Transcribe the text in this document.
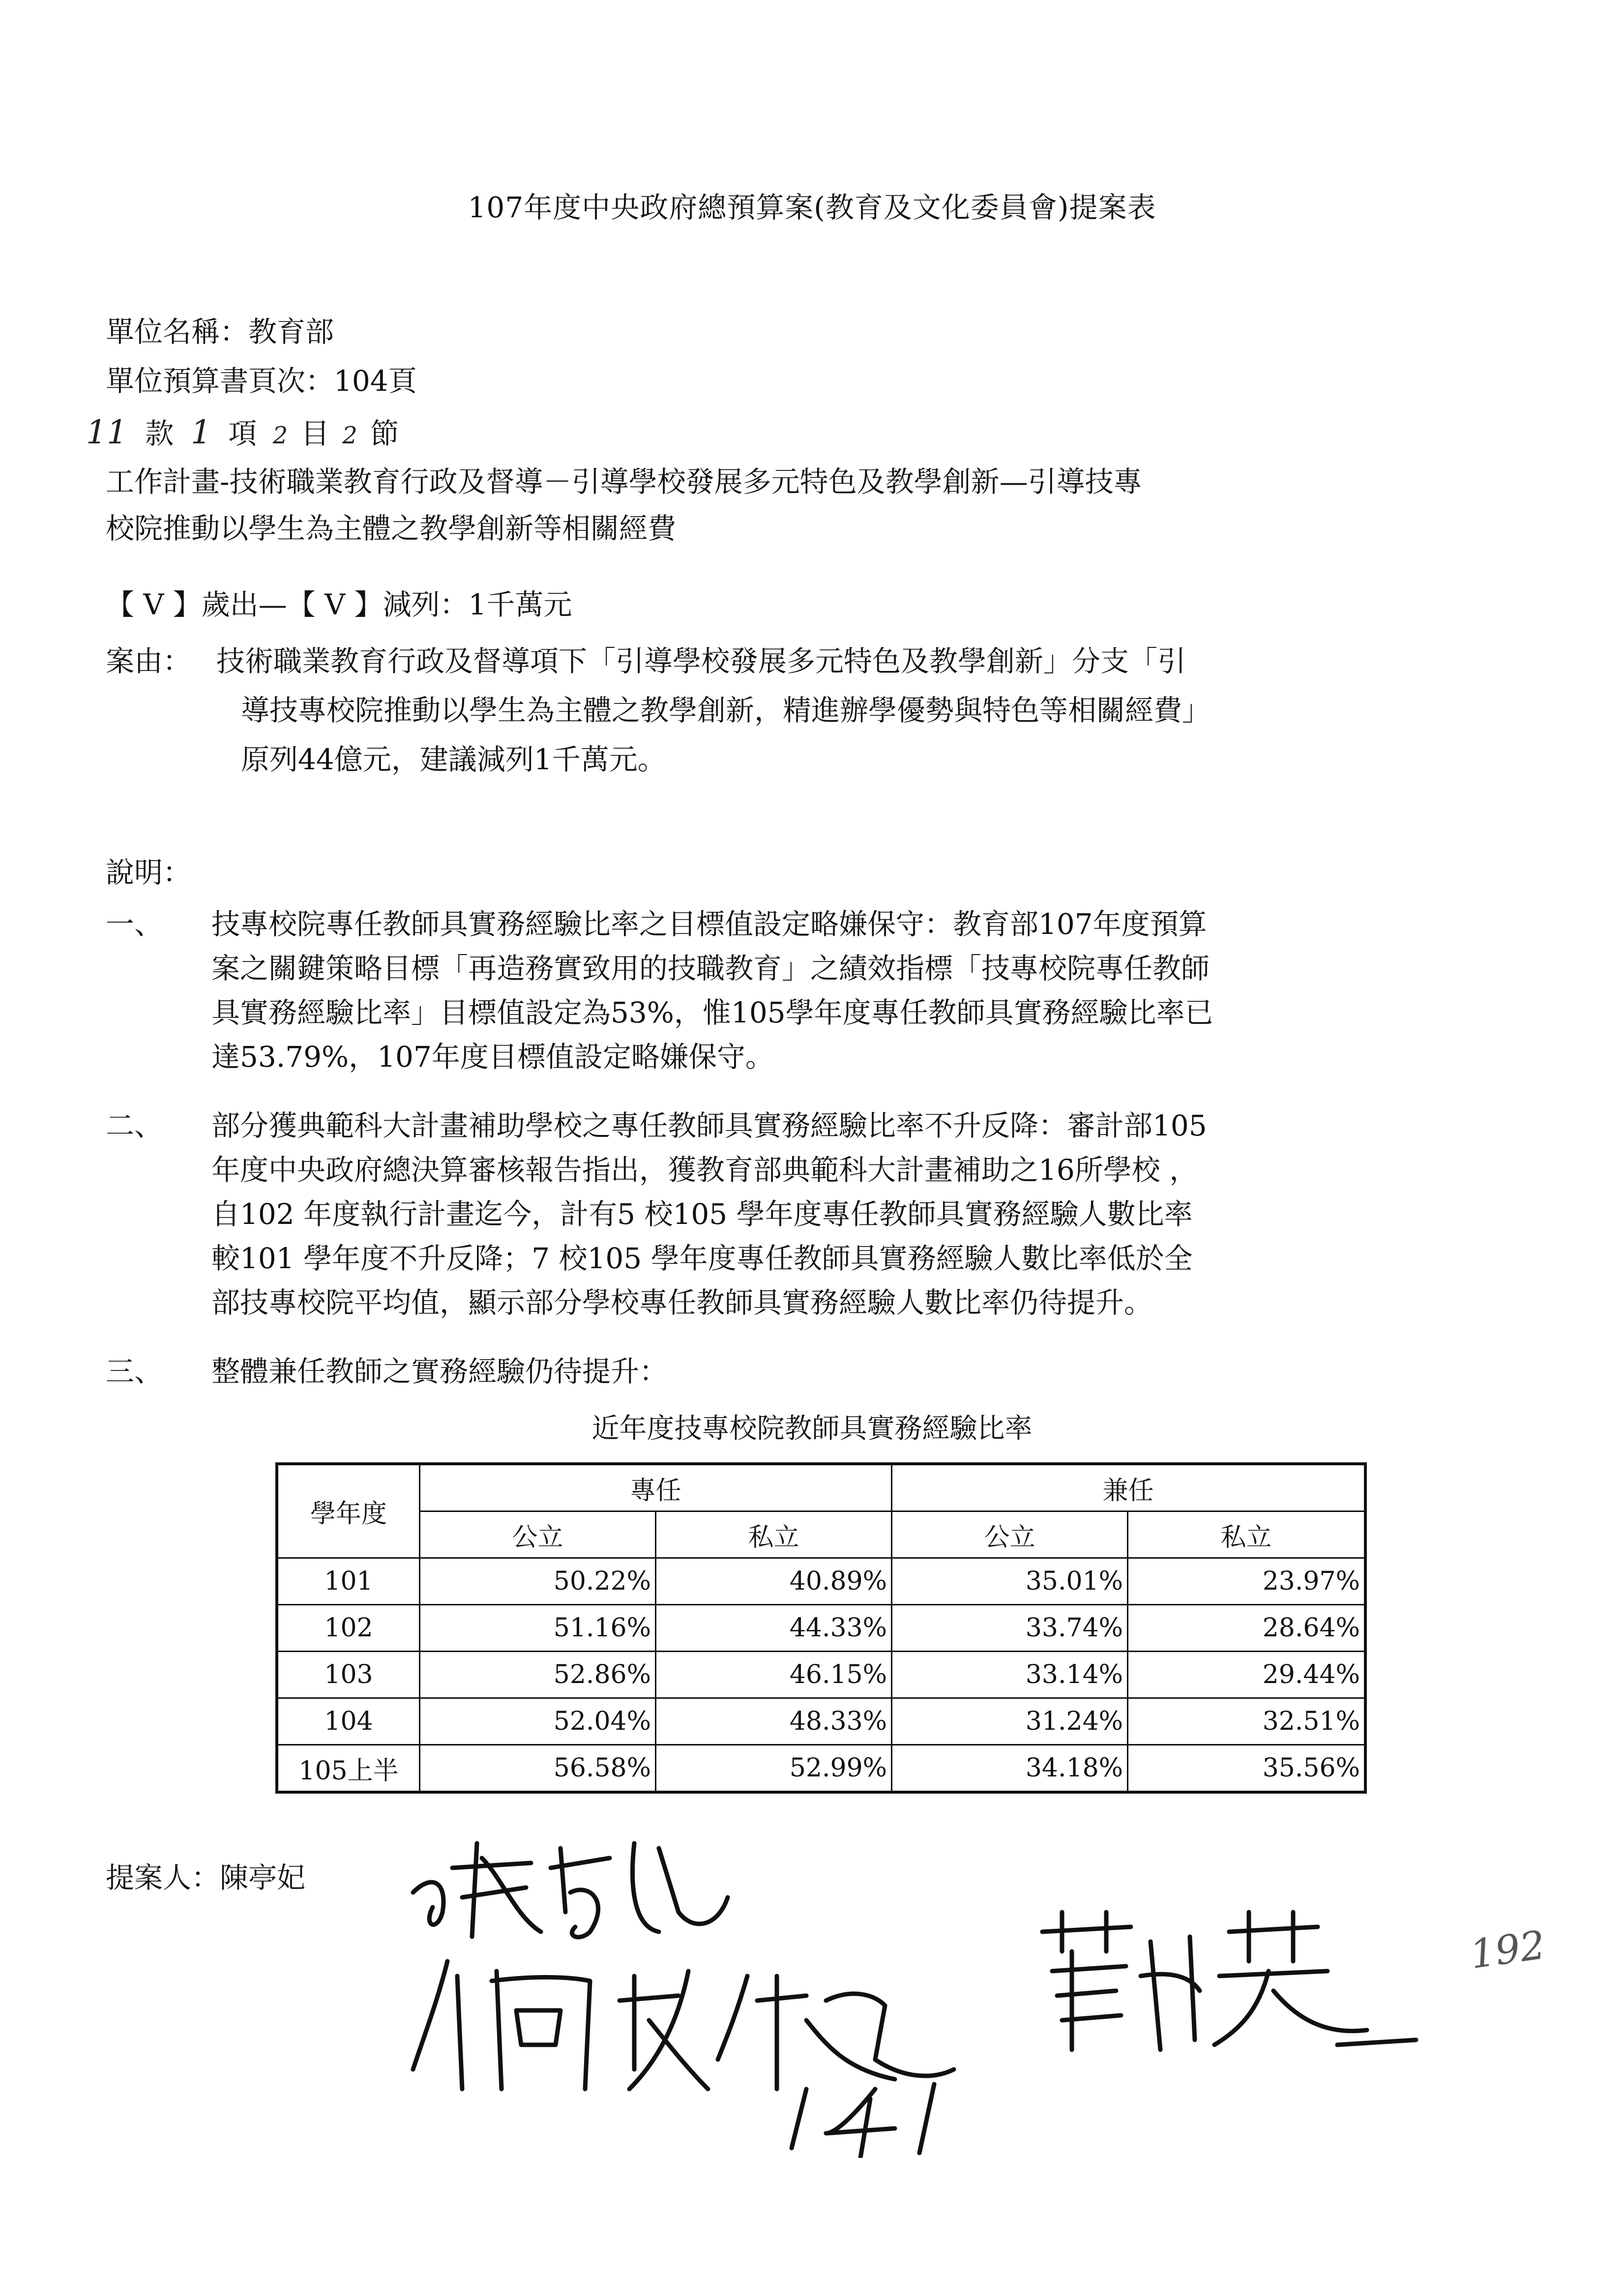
107年度中央政府總預算案(教育及文化委員會)提案表
單位名稱：教育部
單位預算書頁次：104頁
11 款 1 項 2 目 2 節
工作計畫-技術職業教育行政及督導－引導學校發展多元特色及教學創新—引導技專
校院推動以學生為主體之教學創新等相關經費
【 V 】歲出—【 V 】減列：1千萬元
案由： 技術職業教育行政及督導項下「引導學校發展多元特色及教學創新」分支「引
導技專校院推動以學生為主體之教學創新，精進辦學優勢與特色等相關經費」
原列44億元，建議減列1千萬元。
說明：
一、 技專校院專任教師具實務經驗比率之目標值設定略嫌保守：教育部107年度預算
案之關鍵策略目標「再造務實致用的技職教育」之績效指標「技專校院專任教師
具實務經驗比率」目標值設定為53%，惟105學年度專任教師具實務經驗比率已
達53.79%，107年度目標值設定略嫌保守。
二、 部分獲典範科大計畫補助學校之專任教師具實務經驗比率不升反降：審計部105
年度中央政府總決算審核報告指出，獲教育部典範科大計畫補助之16所學校 ，
自102 年度執行計畫迄今，計有5 校105 學年度專任教師具實務經驗人數比率
較101 學年度不升反降；7 校105 學年度專任教師具實務經驗人數比率低於全
部技專校院平均值，顯示部分學校專任教師具實務經驗人數比率仍待提升。
三、 整體兼任教師之實務經驗仍待提升：
近年度技專校院教師具實務經驗比率
學年度	專任		兼任	
	公立	私立	公立	私立
101	50.22%	40.89%	35.01%	23.97%
102	51.16%	44.33%	33.74%	28.64%
103	52.86%	46.15%	33.14%	29.44%
104	52.04%	48.33%	31.24%	32.51%
105上半	56.58%	52.99%	34.18%	35.56%
提案人：陳亭妃
192
